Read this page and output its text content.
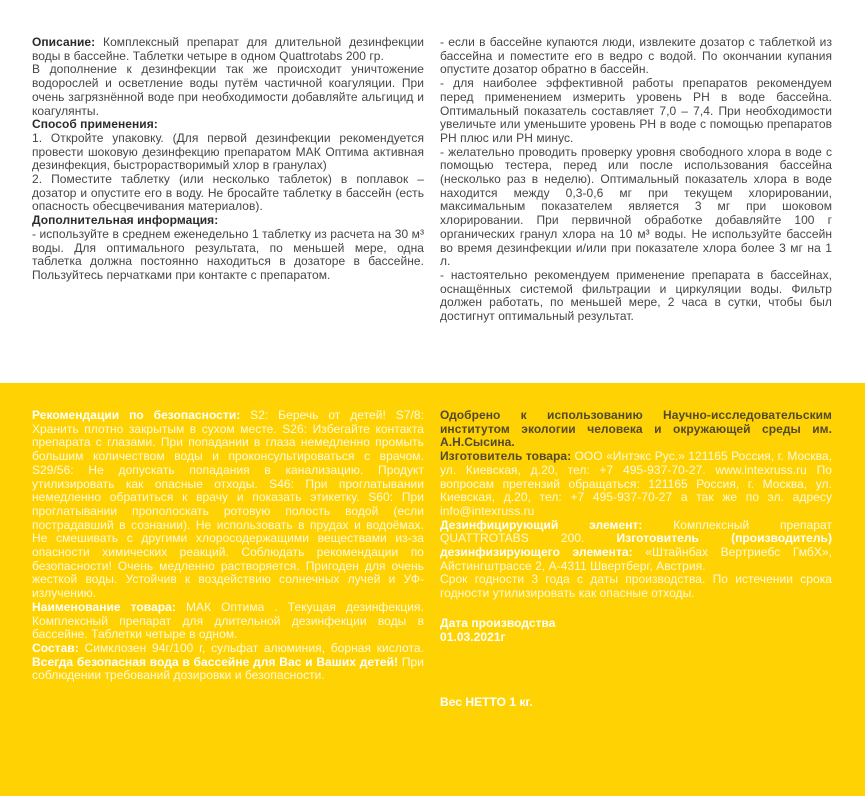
Описание: Комплексный препарат для длительной дезинфекции воды в бассейне. Таблетки четыре в одном Quattrotabs 200 гр.

В дополнение к дезинфекции так же происходит уничтожение водорослей и осветление воды путём частичной коагуляции. При очень загрязнённой воде при необходимости добавляйте альгицид и коагулянты.

Способ применения:

1. Откройте упаковку. (Для первой дезинфекции рекомендуется провести шоковую дезинфекцию препаратом МАК Оптима активная дезинфекция, быстрорастворимый хлор в гранулах)

2. Поместите таблетку (или несколько таблеток) в поплавок – дозатор и опустите его в воду. Не бросайте таблетку в бассейн (есть опасность обесцвечивания материалов).

Дополнительная информация:

- используйте в среднем еженедельно 1 таблетку из расчета на 30 м³ воды. Для оптимального результата, по меньшей мере, одна таблетка должна постоянно находиться в дозаторе в бассейне. Пользуйтесь перчатками при контакте с препаратом.

- если в бассейне купаются люди, извлеките дозатор с таблеткой из бассейна и поместите его в ведро с водой. По окончании купания опустите дозатор обратно в бассейн.

- для наиболее эффективной работы препаратов рекомендуем перед применением измерить уровень РН в воде бассейна. Оптимальный показатель составляет 7,0 – 7,4. При необходимости увеличьте или уменьшите уровень РН в воде с помощью препаратов РН плюс или РН минус.

- желательно проводить проверку уровня свободного хлора в воде с помощью тестера, перед или после использования бассейна (несколько раз в неделю). Оптимальный показатель хлора в воде находится между 0,3-0,6 мг при текущем хлорировании, максимальным показателем является 3 мг при шоковом хлорировании. При первичной обработке добавляйте 100 г органических гранул хлора на 10 м³ воды. Не используйте бассейн во время дезинфекции и/или при показателе хлора более 3 мг на 1 л.

- настоятельно рекомендуем применение препарата в бассейнах, оснащённых системой фильтрации и циркуляции воды. Фильтр должен работать, по меньшей мере, 2 часа в сутки, чтобы был достигнут оптимальный результат.

Рекомендации по безопасности: S2: Беречь от детей! S7/8: Хранить плотно закрытым в сухом месте. S26: Избегайте контакта препарата с глазами. При попадании в глаза немедленно промыть большим количеством воды и проконсультироваться с врачом. S29/56: Не допускать попадания в канализацию. Продукт утилизировать как опасные отходы. S46: При проглатывании немедленно обратиться к врачу и показать этикетку. S60: При проглатывании прополоскать ротовую полость водой (если пострадавший в сознании). Не использовать в прудах и водоёмах. Не смешивать с другими хлоросодержащими веществами из-за опасности химических реакций. Соблюдать рекомендации по безопасности! Очень медленно растворяется. Пригоден для очень жесткой воды. Устойчив к воздействию солнечных лучей и УФ-излучению.

Наименование товара: МАК Оптима . Текущая дезинфекция. Комплексный препарат для длительной дезинфекции воды в бассейне. Таблетки четыре в одном.

Состав: Симклозен 94г/100 г, сульфат алюминия, борная кислота. Всегда безопасная вода в бассейне для Вас и Ваших детей! При соблюдении требований дозировки и безопасности.

Одобрено к использованию Научно-исследовательским институтом экологии человека и окружающей среды им. А.Н.Сысина.

Изготовитель товара: ООО «Интэкс Рус.» 121165 Россия, г. Москва, ул. Киевская, д.20, тел: +7 495-937-70-27. www.intexruss.ru По вопросам претензий обращаться: 121165 Россия, г. Москва, ул. Киевская, д.20, тел: +7 495-937-70-27 а так же по эл. адресу info@intexruss.ru

Дезинфицирующий элемент: Комплексный препарат QUATTROTABS 200. Изготовитель (производитель) дезинфизирующего элемента: «Штайнбах Вертриебс ГмбХ», Айстингштрассе 2, А-4311 Швертберг, Австрия.

Срок годности 3 года с даты производства. По истечении срока годности утилизировать как опасные отходы.

Дата производства

01.03.2021г

Вес НЕТТО 1 кг.
